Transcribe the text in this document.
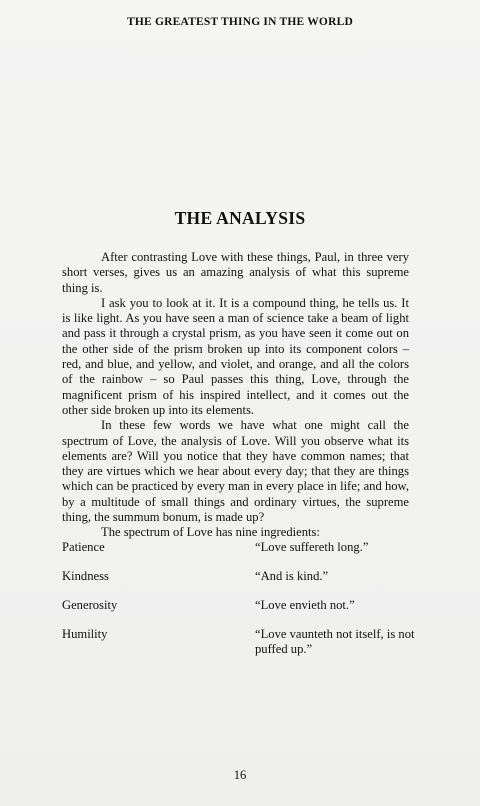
THE GREATEST THING IN THE WORLD
THE ANALYSIS

After contrasting Love with these things, Paul, in three very short verses, gives us an amazing analysis of what this supreme thing is.

I ask you to look at it. It is a compound thing, he tells us. It is like light. As you have seen a man of science take a beam of light and pass it through a crystal prism, as you have seen it come out on the other side of the prism broken up into its component colors – red, and blue, and yellow, and violet, and orange, and all the colors of the rainbow – so Paul passes this thing, Love, through the magnificent prism of his inspired intellect, and it comes out the other side broken up into its elements.

In these few words we have what one might call the spectrum of Love, the analysis of Love. Will you observe what its elements are? Will you notice that they have common names; that they are virtues which we hear about every day; that they are things which can be practiced by every man in every place in life; and how, by a multitude of small things and ordinary virtues, the supreme thing, the summum bonum, is made up?

The spectrum of Love has nine ingredients:

Patience	“Love suffereth long.”
Kindness	“And is kind.”
Generosity	“Love envieth not.”
Humility	“Love vaunteth not itself, is not puffed up.”
16
